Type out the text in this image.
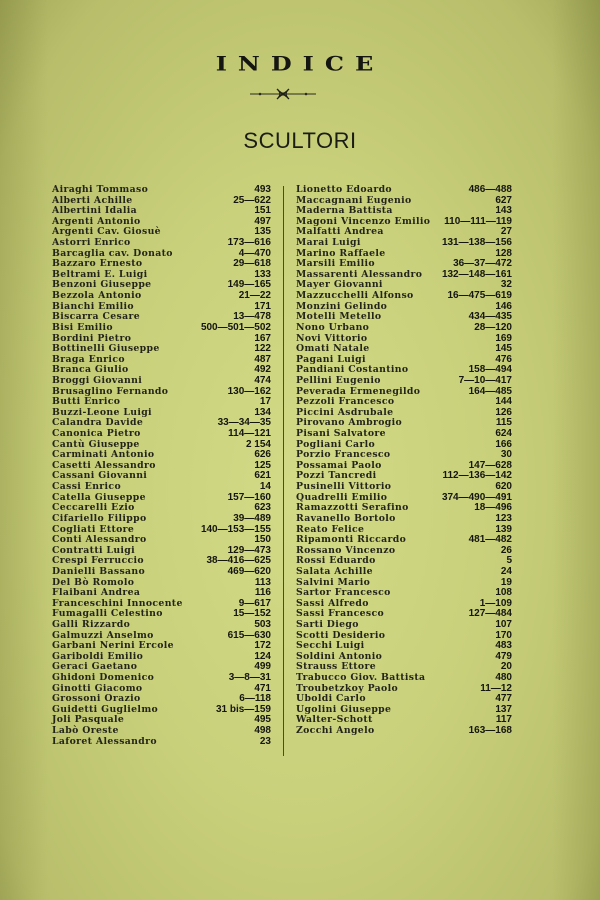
INDICE
SCULTORI
Airaghi Tommaso	493
Alberti Achille	25—622
Albertini Idalia	151
Argenti Antonio	497
Argenti Cav. Giosuè	135
Astorri Enrico	173—616
Barcaglia cav. Donato	4—470
Bazzaro Ernesto	29—618
Beltrami E. Luigi	133
Benzoni Giuseppe	149—165
Bezzola Antonio	21—22
Bianchi Emilio	171
Biscarra Cesare	13—478
Bisi Emilio	500—501—502
Bordini Pietro	167
Bottinelli Giuseppe	122
Braga Enrico	487
Branca Giulio	492
Broggi Giovanni	474
Brusaglino Fernando	130—162
Butti Enrico	17
Buzzi-Leone Luigi	134
Calandra Davide	33—34—35
Canonica Pietro	114—121
Cantù Giuseppe	2 154
Carminati Antonio	626
Casetti Alessandro	125
Cassani Giovanni	621
Cassi Enrico	14
Catella Giuseppe	157—160
Ceccarelli Ezio	623
Cifariello Filippo	39—489
Cogliati Ettore	140—153—155
Conti Alessandro	150
Contratti Luigi	129—473
Crespi Ferruccio	38—416—625
Danielli Bassano	469—620
Del Bò Romolo	113
Flaibani Andrea	116
Franceschini Innocente	9—617
Fumagalli Celestino	15—152
Galli Rizzardo	503
Galmuzzi Anselmo	615—630
Garbani Nerini Ercole	172
Gariboldi Emilio	124
Geraci Gaetano	499
Ghidoni Domenico	3—8—31
Ginotti Giacomo	471
Grossoni Orazio	6—118
Guidetti Guglielmo	31 bis—159
Joli Pasquale	495
Labò Oreste	498
Laforet Alessandro	23
Lionetto Edoardo	486—488
Maccagnani Eugenio	627
Maderna Battista	143
Magoni Vincenzo Emilio 110—111—119
Malfatti Andrea	27
Marai Luigi	131—138—156
Marino Raffaele	128
Marsili Emilio	36—37—472
Massarenti Alessandro 132—148—161
Mayer Giovanni	32
Mazzucchelli Alfonso	16—475—619
Monzini Gelindo	146
Motelli Metello	434—435
Nono Urbano	28—120
Novi Vittorio	169
Omati Natale	145
Pagani Luigi	476
Pandiani Costantino	158—494
Pellini Eugenio	7—10—417
Peverada Ermenegildo	164—485
Pezzoli Francesco	144
Piccini Asdrubale	126
Pirovano Ambrogio	115
Pisani Salvatore	624
Pogliani Carlo	166
Porzio Francesco	30
Possamai Paolo	147—628
Pozzi Tancredi	112—136—142
Pusinelli Vittorio	620
Quadrelli Emilio	374—490—491
Ramazzotti Serafino	18—496
Ravanello Bortolo	123
Reato Felice	139
Ripamonti Riccardo	481—482
Rossano Vincenzo	26
Rossi Eduardo	5
Salata Achille	24
Salvini Mario	19
Sartor Francesco	108
Sassi Alfredo	1—109
Sassi Francesco	127—484
Sarti Diego	107
Scotti Desiderio	170
Secchi Luigi	483
Soldini Antonio	479
Strauss Ettore	20
Trabucco Giov. Battista	480
Troubetzkoy Paolo	11—12
Uboldi Carlo	477
Ugolini Giuseppe	137
Walter-Schott	117
Zocchi Angelo	163—168
